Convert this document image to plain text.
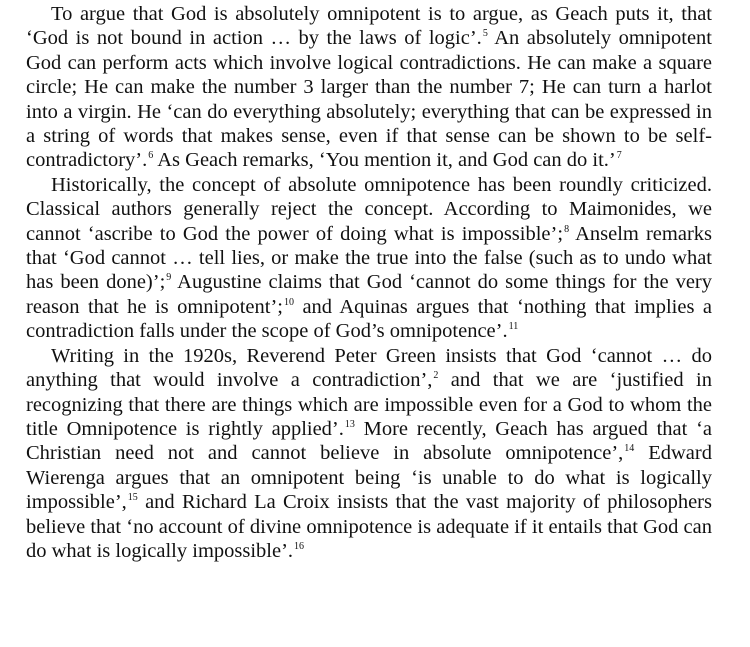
To argue that God is absolutely omnipotent is to argue, as Geach puts it, that ‘God is not bound in action … by the laws of logic’.$^5$ An absolutely omnipotent God can perform acts which involve logical contradictions. He can make a square circle; He can make the number 3 larger than the number 7; He can turn a harlot into a virgin. He ‘can do everything absolutely; everything that can be expressed in a string of words that makes sense, even if that sense can be shown to be self-contradictory’.$^6$ As Geach remarks, ‘You mention it, and God can do it.’$^7$

Historically, the concept of absolute omnipotence has been roundly criticized. Classical authors generally reject the concept. According to Maimonides, we cannot ‘ascribe to God the power of doing what is impossible’;$^8$ Anselm remarks that ‘God cannot … tell lies, or make the true into the false (such as to undo what has been done)’;$^9$ Augustine claims that God ‘cannot do some things for the very reason that he is omnipotent’;$^{10}$ and Aquinas argues that ‘nothing that implies a contradiction falls under the scope of God’s omnipotence’.$^{11}$

Writing in the 1920s, Reverend Peter Green insists that God ‘cannot … do anything that would involve a contradiction’,$^2$ and that we are ‘justified in recognizing that there are things which are impossible even for a God to whom the title Omnipotence is rightly applied’.$^{13}$ More recently, Geach has argued that ‘a Christian need not and cannot believe in absolute omnipotence’,$^{14}$ Edward Wierenga argues that an omnipotent being ‘is unable to do what is logically impossible’,$^{15}$ and Richard La Croix insists that the vast majority of philosophers believe that ‘no account of divine omnipotence is adequate if it entails that God can do what is logically impossible’.$^{16}$
